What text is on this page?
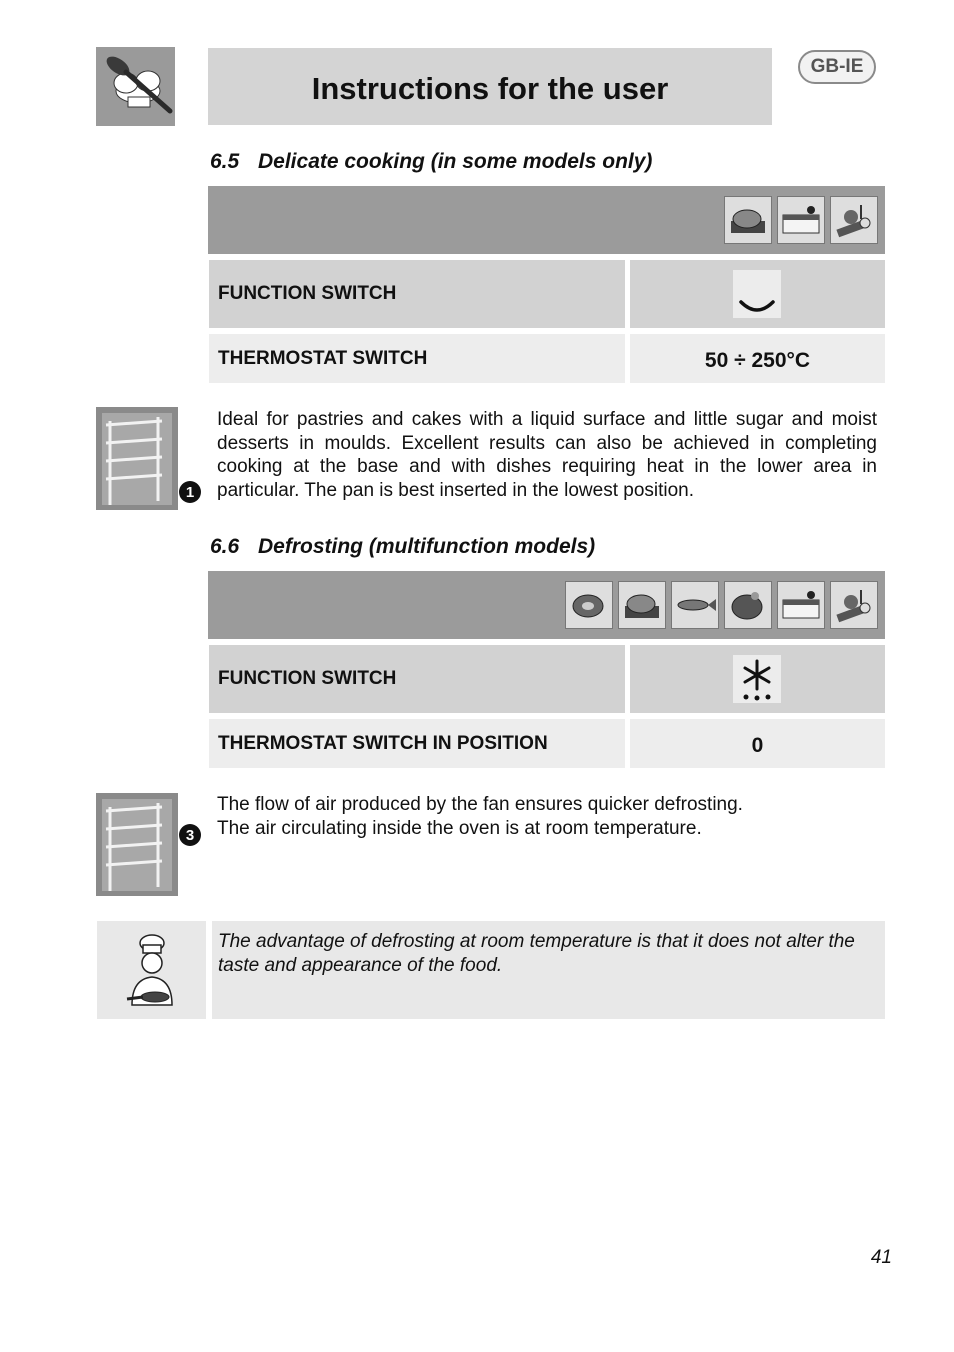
Instructions for the user
GB-IE
6.5 Delicate cooking (in some models only)
FUNCTION SWITCH
THERMOSTAT SWITCH	50 ÷ 250°C
1

Ideal for pastries and cakes with a liquid surface and little sugar and moist desserts in moulds. Excellent results can also be achieved in completing cooking at the base and with dishes requiring heat in the lower area in particular. The pan is best inserted in the lowest position.

6.6 Defrosting (multifunction models)
FUNCTION SWITCH
THERMOSTAT SWITCH IN POSITION	0
3

The flow of air produced by the fan ensures quicker defrosting.

The air circulating inside the oven is at room temperature.

The advantage of defrosting at room temperature is that it does not alter the taste and appearance of the food.

41
